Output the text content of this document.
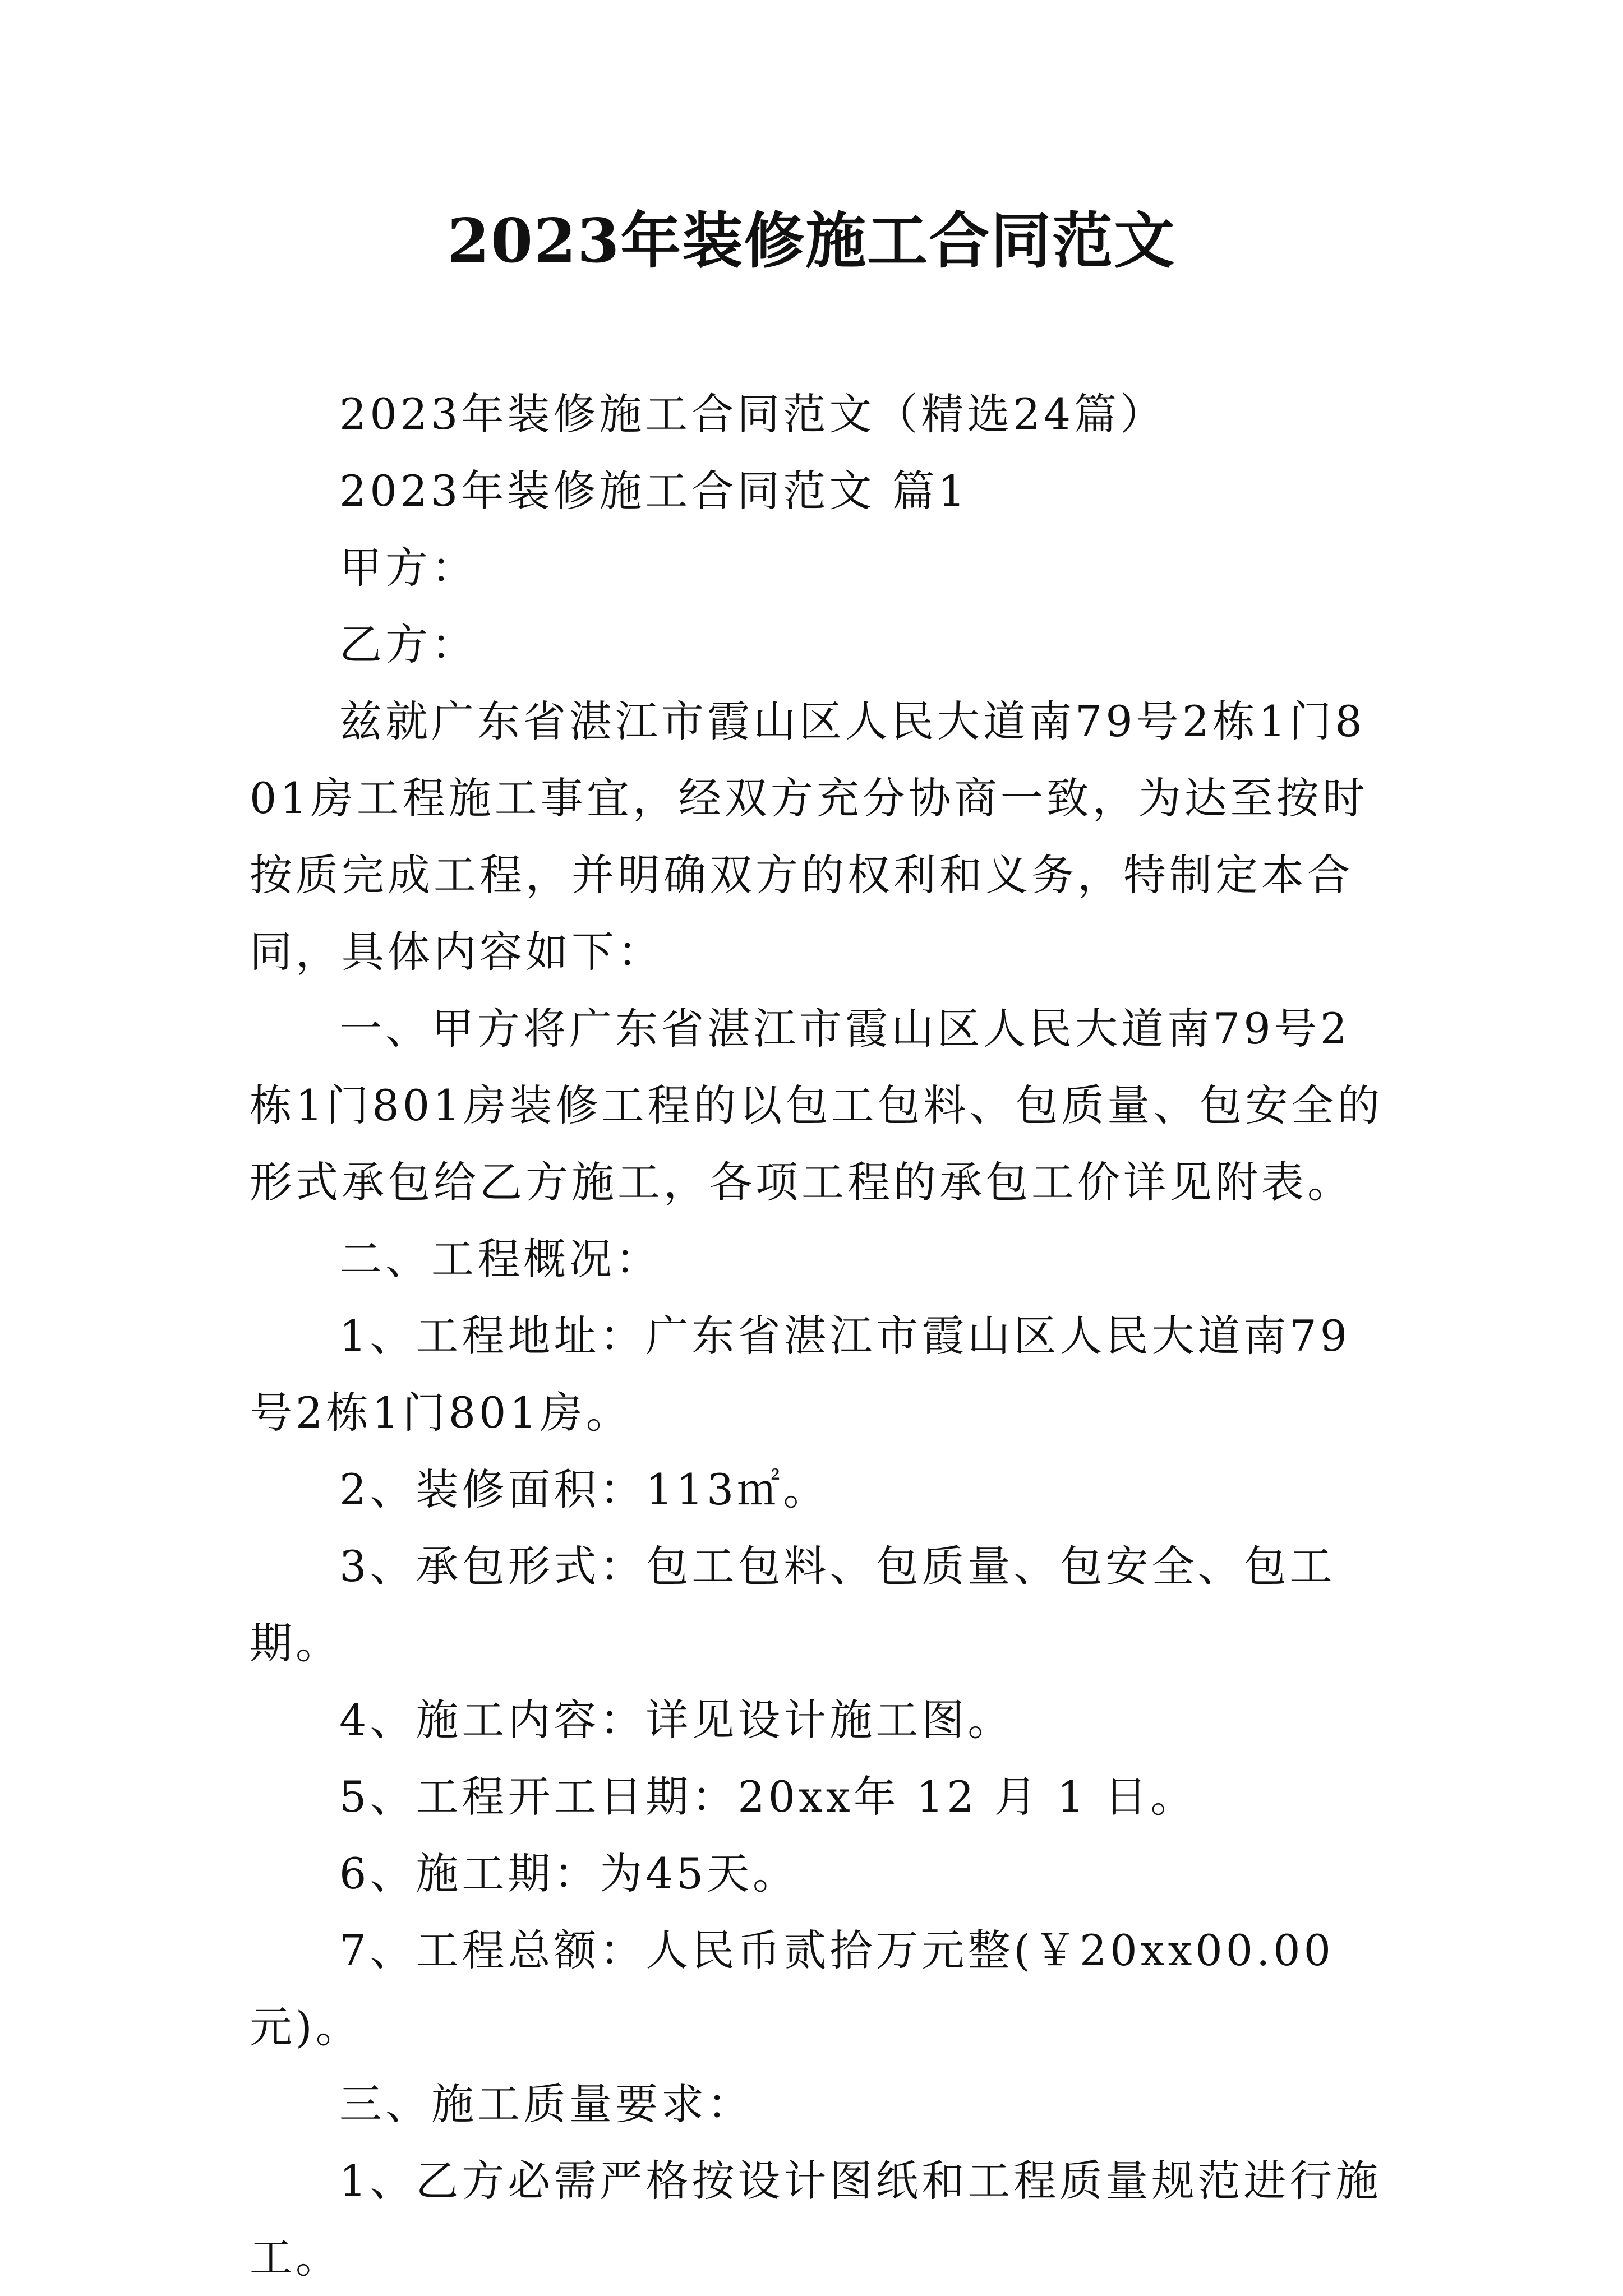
2023年装修施工合同范文

2023年装修施工合同范文（精选24篇）

2023年装修施工合同范文 篇1

甲方：

乙方：

兹就广东省湛江市霞山区人民大道南79号2栋1门801房工程施工事宜，经双方充分协商一致，为达至按时按质完成工程，并明确双方的权利和义务，特制定本合同，具体内容如下：

一、甲方将广东省湛江市霞山区人民大道南79号2栋1门801房装修工程的以包工包料、包质量、包安全的形式承包给乙方施工，各项工程的承包工价详见附表。

二、工程概况：

1、工程地址：广东省湛江市霞山区人民大道南79号2栋1门801房。

2、装修面积：113㎡。

3、承包形式：包工包料、包质量、包安全、包工期。

4、施工内容：详见设计施工图。

5、工程开工日期：20xx年 12 月 1 日。

6、施工期：为45天。

7、工程总额：人民币贰拾万元整(￥20xx00.00元)。

三、施工质量要求：

1、乙方必需严格按设计图纸和工程质量规范进行施工。
